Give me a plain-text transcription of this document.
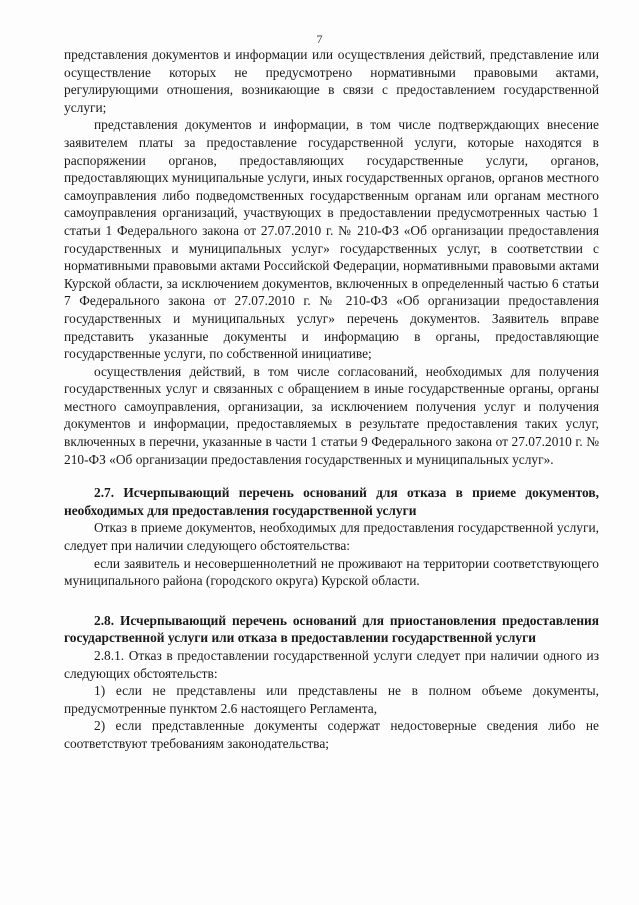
7

представления документов и информации или осуществления действий, представление или осуществление которых не предусмотрено нормативными правовыми актами, регулирующими отношения, возникающие в связи с предоставлением государственной услуги;

представления документов и информации, в том числе подтверждающих внесение заявителем платы за предоставление государственной услуги, которые находятся в распоряжении органов, предоставляющих государственные услуги, органов, предоставляющих муниципальные услуги, иных государственных органов, органов местного самоуправления либо подведомственных государственным органам или органам местного самоуправления организаций, участвующих в предоставлении предусмотренных частью 1 статьи 1 Федерального закона от 27.07.2010 г. № 210-ФЗ «Об организации предоставления государственных и муниципальных услуг» государственных услуг, в соответствии с нормативными правовыми актами Российской Федерации, нормативными правовыми актами Курской области, за исключением документов, включенных в определенный частью 6 статьи 7 Федерального закона от 27.07.2010 г. № 210-ФЗ «Об организации предоставления государственных и муниципальных услуг» перечень документов. Заявитель вправе представить указанные документы и информацию в органы, предоставляющие государственные услуги, по собственной инициативе;

осуществления действий, в том числе согласований, необходимых для получения государственных услуг и связанных с обращением в иные государственные органы, органы местного самоуправления, организации, за исключением получения услуг и получения документов и информации, предоставляемых в результате предоставления таких услуг, включенных в перечни, указанные в части 1 статьи 9 Федерального закона от 27.07.2010 г. № 210-ФЗ «Об организации предоставления государственных и муниципальных услуг».

2.7. Исчерпывающий перечень оснований для отказа в приеме документов, необходимых для предоставления государственной услуги

Отказ в приеме документов, необходимых для предоставления государственной услуги, следует при наличии следующего обстоятельства:

если заявитель и несовершеннолетний не проживают на территории соответствующего муниципального района (городского округа) Курской области.

2.8. Исчерпывающий перечень оснований для приостановления предоставления государственной услуги или отказа в предоставлении государственной услуги

2.8.1. Отказ в предоставлении государственной услуги следует при наличии одного из следующих обстоятельств:

1) если не представлены или представлены не в полном объеме документы, предусмотренные пунктом 2.6 настоящего Регламента,

2) если представленные документы содержат недостоверные сведения либо не соответствуют требованиям законодательства;
